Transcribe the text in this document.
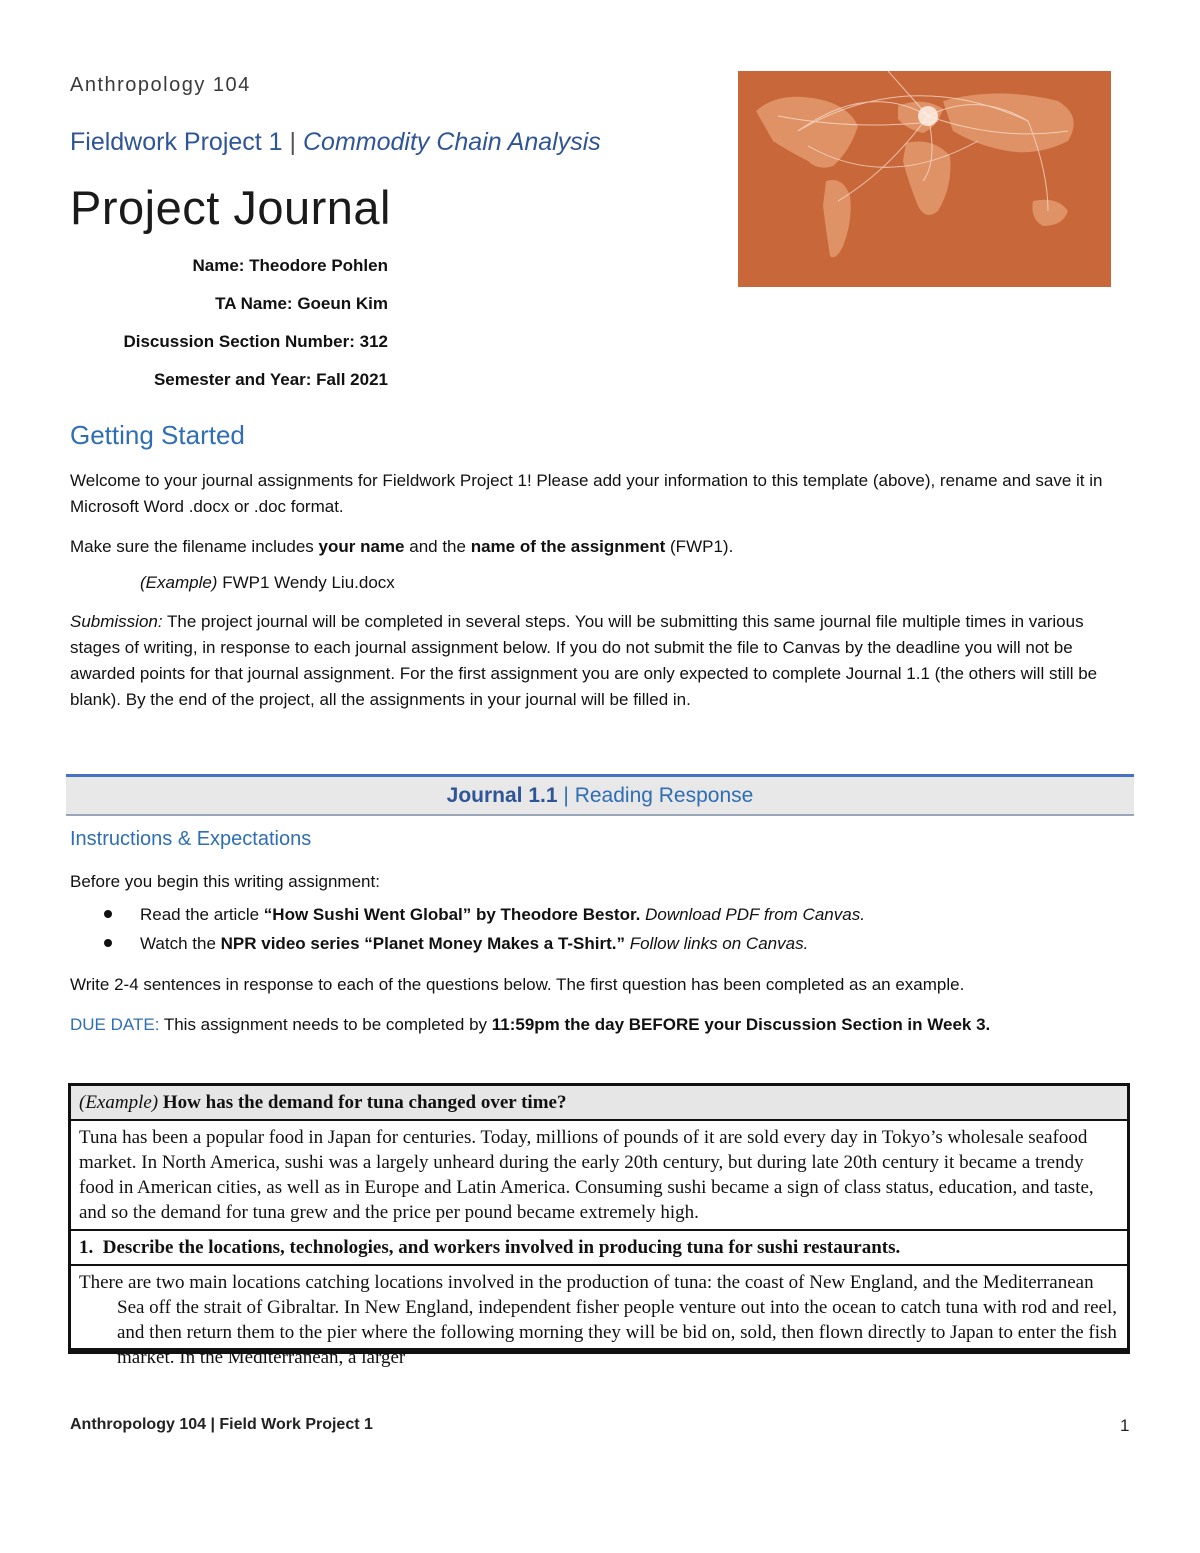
Anthropology 104
Fieldwork Project 1 | Commodity Chain Analysis
Project Journal
Name: Theodore Pohlen
TA Name: Goeun Kim
Discussion Section Number: 312
Semester and Year: Fall 2021
Getting Started
Welcome to your journal assignments for Fieldwork Project 1! Please add your information to this template (above), rename and save it in Microsoft Word .docx or .doc format.
Make sure the filename includes your name and the name of the assignment (FWP1).
(Example) FWP1 Wendy Liu.docx
Submission: The project journal will be completed in several steps. You will be submitting this same journal file multiple times in various stages of writing, in response to each journal assignment below. If you do not submit the file to Canvas by the deadline you will not be awarded points for that journal assignment. For the first assignment you are only expected to complete Journal 1.1 (the others will still be blank). By the end of the project, all the assignments in your journal will be filled in.
Journal 1.1 | Reading Response
Instructions & Expectations
Before you begin this writing assignment:
Read the article “How Sushi Went Global” by Theodore Bestor. Download PDF from Canvas.
Watch the NPR video series “Planet Money Makes a T-Shirt.” Follow links on Canvas.
Write 2-4 sentences in response to each of the questions below. The first question has been completed as an example.
DUE DATE: This assignment needs to be completed by 11:59pm the day BEFORE your Discussion Section in Week 3.
(Example) How has the demand for tuna changed over time?
Tuna has been a popular food in Japan for centuries. Today, millions of pounds of it are sold every day in Tokyo’s wholesale seafood market. In North America, sushi was a largely unheard during the early 20th century, but during late 20th century it became a trendy food in American cities, as well as in Europe and Latin America. Consuming sushi became a sign of class status, education, and taste, and so the demand for tuna grew and the price per pound became extremely high.
1. Describe the locations, technologies, and workers involved in producing tuna for sushi restaurants.

There are two main locations catching locations involved in the production of tuna: the coast of New England, and the Mediterranean Sea off the strait of Gibraltar. In New England, independent fisher people venture out into the ocean to catch tuna with rod and reel, and then return them to the pier where the following morning they will be bid on, sold, then flown directly to Japan to enter the fish market. In the Mediterranean, a larger
Anthropology 104 | Field Work Project 1	1
